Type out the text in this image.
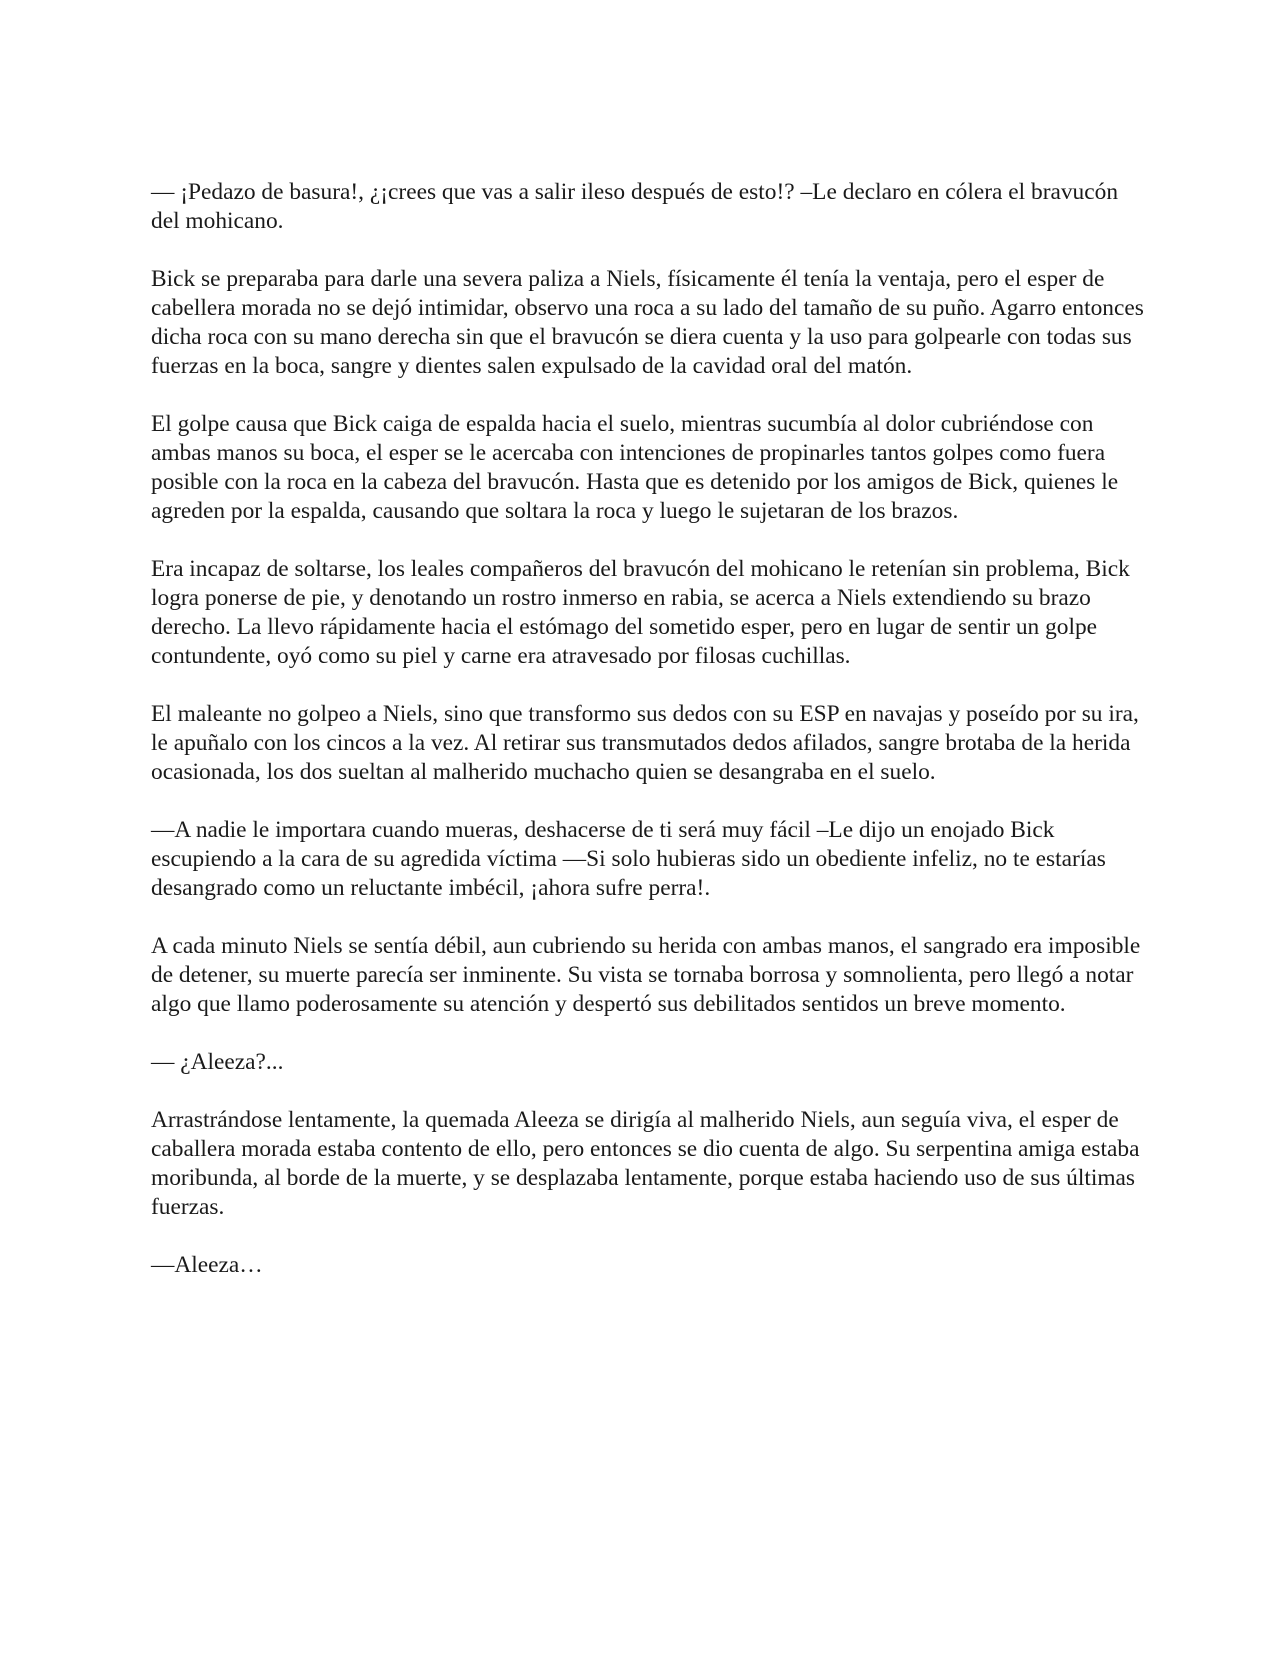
— ¡Pedazo de basura!, ¿¡crees que vas a salir ileso después de esto!? –Le declaro en cólera el bravucón del mohicano.

Bick se preparaba para darle una severa paliza a Niels, físicamente él tenía la ventaja, pero el esper de cabellera morada no se dejó intimidar, observo una roca a su lado del tamaño de su puño. Agarro entonces dicha roca con su mano derecha sin que el bravucón se diera cuenta y la uso para golpearle con todas sus fuerzas en la boca, sangre y dientes salen expulsado de la cavidad oral del matón.

El golpe causa que Bick caiga de espalda hacia el suelo, mientras sucumbía al dolor cubriéndose con ambas manos su boca, el esper se le acercaba con intenciones de propinarles tantos golpes como fuera posible con la roca en la cabeza del bravucón. Hasta que es detenido por los amigos de Bick, quienes le agreden por la espalda, causando que soltara la roca y luego le sujetaran de los brazos.

Era incapaz de soltarse, los leales compañeros del bravucón del mohicano le retenían sin problema, Bick logra ponerse de pie, y denotando un rostro inmerso en rabia, se acerca a Niels extendiendo su brazo derecho. La llevo rápidamente hacia el estómago del sometido esper, pero en lugar de sentir un golpe contundente, oyó como su piel y carne era atravesado por filosas cuchillas.

El maleante no golpeo a Niels, sino que transformo sus dedos con su ESP en navajas y poseído por su ira, le apuñalo con los cincos a la vez. Al retirar sus transmutados dedos afilados, sangre brotaba de la herida ocasionada, los dos sueltan al malherido muchacho quien se desangraba en el suelo.

—A nadie le importara cuando mueras, deshacerse de ti será muy fácil –Le dijo un enojado Bick escupiendo a la cara de su agredida víctima —Si solo hubieras sido un obediente infeliz, no te estarías desangrado como un reluctante imbécil, ¡ahora sufre perra!.

A cada minuto Niels se sentía débil, aun cubriendo su herida con ambas manos, el sangrado era imposible de detener, su muerte parecía ser inminente. Su vista se tornaba borrosa y somnolienta, pero llegó a notar algo que llamo poderosamente su atención y despertó sus debilitados sentidos un breve momento.

— ¿Aleeza?...

Arrastrándose lentamente, la quemada Aleeza se dirigía al malherido Niels, aun seguía viva, el esper de caballera morada estaba contento de ello, pero entonces se dio cuenta de algo. Su serpentina amiga estaba moribunda, al borde de la muerte, y se desplazaba lentamente, porque estaba haciendo uso de sus últimas fuerzas.

—Aleeza…
